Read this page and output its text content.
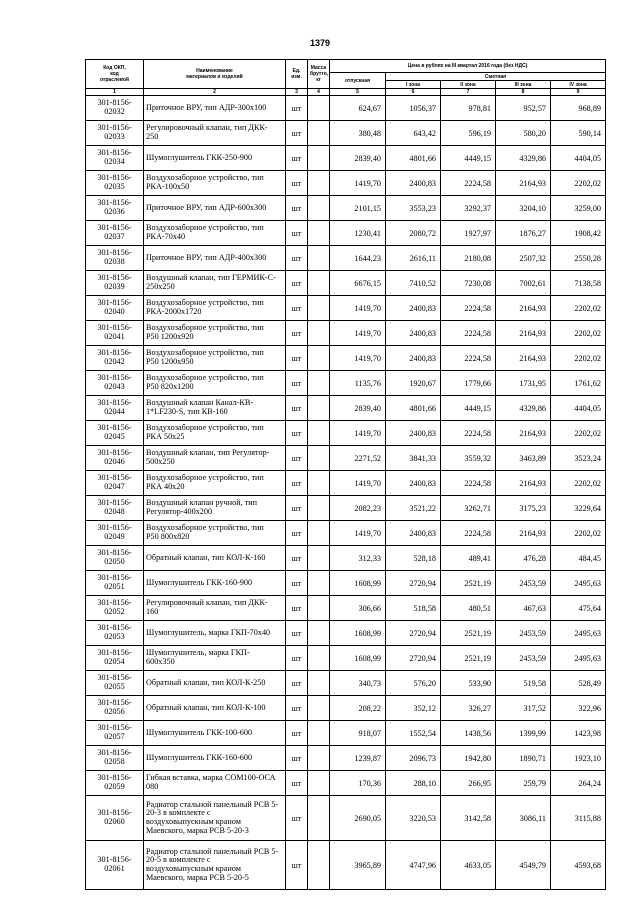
1379
Код ОКП,
код
отраслевой	Наименование
материалов и изделий	Ед.
изм.	Масса
брутто,
кг	Цена в рублях на III квартал 2016 года (без НДС)				
				отпускная	Сметная			
					I зона	II зона	III зона	IV зона
1	2	3	4	5	6	7	8	9
301-8156-
02032	Приточное ВРУ, тип АДР-300х100	шт		624,67	1056,37	978,81	952,57	968,89
301-8156-
02033	Регулировочный клапан, тип ДКК-
250	шт		380,48	643,42	596,19	580,20	590,14
301-8156-
02034	Шумоглушитель ГКК-250-900	шт		2839,40	4801,66	4449,15	4329,86	4404,05
301-8156-
02035	Воздухозаборное устройство, тип
РКА-100х50	шт		1419,70	2400,83	2224,58	2164,93	2202,02
301-8156-
02036	Приточное ВРУ, тип АДР-600х300	шт		2101,15	3553,23	3292,37	3204,10	3259,00
301-8156-
02037	Воздухозаборное устройство, тип
РКА-70х40	шт		1230,41	2080,72	1927,97	1876,27	1908,42
301-8156-
02038	Приточное ВРУ, тип АДР-400х300	шт		1644,23	2616,11	2180,08	2507,32	2550,28
301-8156-
02039	Воздушный клапан, тип ГЕРМИК-С-
250х250	шт		6676,15	7410,52	7230,08	7002,61	7138,58
301-8156-
02040	Воздухозаборное устройство, тип
РКА-2000х1720	шт		1419,70	2400,83	2224,58	2164,93	2202,02
301-8156-
02041	Воздухозаборное устройство, тип
Р50 1200х920	шт		1419,70	2400,83	2224,58	2164,93	2202,02
301-8156-
02042	Воздухозаборное устройство, тип
Р50 1200х950	шт		1419,70	2400,83	2224,58	2164,93	2202,02
301-8156-
02043	Воздухозаборное устройство, тип
Р50 820х1200	шт		1135,76	1920,67	1779,66	1731,95	1761,62
301-8156-
02044	Воздушный клапан Канал-КВ-
1*LF230-S, тип КВ-160	шт		2839,40	4801,66	4449,15	4329,86	4404,05
301-8156-
02045	Воздухозаборное устройство, тип
РКА 50х25	шт		1419,70	2400,83	2224,58	2164,93	2202,02
301-8156-
02046	Воздушный клапан, тип Регулятор-
500х250	шт		2271,52	3841,33	3559,32	3463,89	3523,24
301-8156-
02047	Воздухозаборное устройство, тип
РКА 40х20	шт		1419,70	2400,83	2224,58	2164,93	2202,02
301-8156-
02048	Воздушный клапан ручной, тип
Регулятор-400х200	шт		2082,23	3521,22	3262,71	3175,23	3229,64
301-8156-
02049	Воздухозаборное устройство, тип
Р50 800х820	шт		1419,70	2400,83	2224,58	2164,93	2202,02
301-8156-
02050	Обратный клапан, тип КОЛ-К-160	шт		312,33	528,18	489,41	476,28	484,45
301-8156-
02051	Шумоглушитель ГКК-160-900	шт		1608,99	2720,94	2521,19	2453,59	2495,63
301-8156-
02052	Регулировочный клапан, тип ДКК-
160	шт		306,66	518,58	480,51	467,63	475,64
301-8156-
02053	Шумоглушитель, марка ГКП-70х40	шт		1608,99	2720,94	2521,19	2453,59	2495,63
301-8156-
02054	Шумоглушитель, марка ГКП-
600х350	шт		1608,99	2720,94	2521,19	2453,59	2495,63
301-8156-
02055	Обратный клапан, тип КОЛ-К-250	шт		340,73	576,20	533,90	519,58	528,49
301-8156-
02056	Обратный клапан, тип КОЛ-К-100	шт		208,22	352,12	326,27	317,52	322,96
301-8156-
02057	Шумоглушитель ГКК-100-600	шт		918,07	1552,54	1438,56	1399,99	1423,98
301-8156-
02058	Шумоглушитель ГКК-160-600	шт		1239,87	2096,73	1942,80	1890,71	1923,10
301-8156-
02059	Гибкая вставка, марка СОМ100-ОСА
080	шт		170,36	288,10	266,95	259,79	264,24
301-8156-
02060	Радиатор стальной панельный РСВ 5-
20-3 в комплекте с
воздуховыпускным краном
Маевского, марка РСВ 5-20-3	шт		2690,05	3220,53	3142,58	3086,11	3115,88
301-8156-
02061	Радиатор стальной панельный РСВ 5-
20-5 в комплекте с
воздуховыпускным краном
Маевского, марка РСВ 5-20-5	шт		3965,89	4747,96	4633,05	4549,79	4593,68
